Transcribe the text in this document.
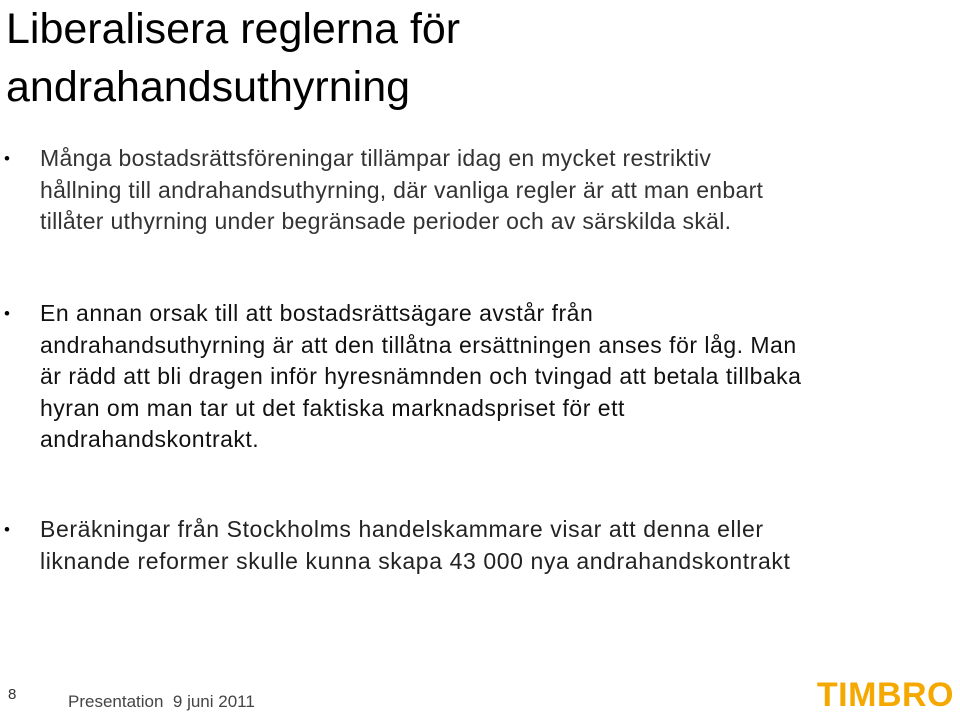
Liberalisera reglerna för
andrahandsuthyrning
• Många bostadsrättsföreningar tillämpar idag en mycket restriktiv
hållning till andrahandsuthyrning, där vanliga regler är att man enbart
tillåter uthyrning under begränsade perioder och av särskilda skäl.
• En annan orsak till att bostadsrättsägare avstår från
andrahandsuthyrning är att den tillåtna ersättningen anses för låg. Man
är rädd att bli dragen inför hyresnämnden och tvingad att betala tillbaka
hyran om man tar ut det faktiska marknadspriset för ett
andrahandskontrakt.
• Beräkningar från Stockholms handelskammare visar att denna eller
liknande reformer skulle kunna skapa 43 000 nya andrahandskontrakt
8	Presentation  9 juni 2011	TIMBRO
